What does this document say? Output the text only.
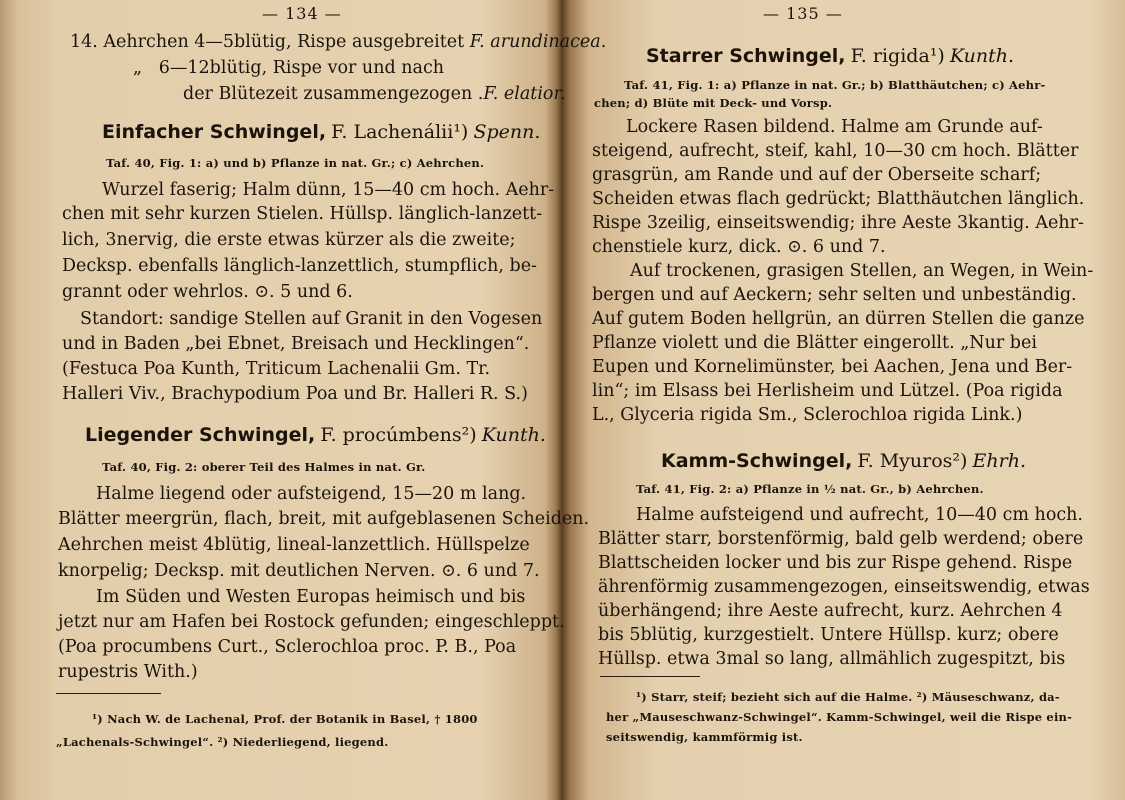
— 134 —
14. Aehrchen 4—5blütig, Rispe ausgebreitet F. arundinacea.
„ 6—12blütig, Rispe vor und nach
der Blütezeit zusammengezogen . F. elatior.
Einfacher Schwingel, F. Lachenálii¹) Spenn.
Taf. 40, Fig. 1: a) und b) Pflanze in nat. Gr.; c) Aehrchen.
Wurzel faserig; Halm dünn, 15—40 cm hoch. Aehr-
chen mit sehr kurzen Stielen. Hüllsp. länglich-lanzett-
lich, 3nervig, die erste etwas kürzer als die zweite;
Decksp. ebenfalls länglich-lanzettlich, stumpflich, be-
grannt oder wehrlos. ⊙. 5 und 6.
Standort: sandige Stellen auf Granit in den Vogesen
und in Baden „bei Ebnet, Breisach und Hecklingen“.
(Festuca Poa Kunth, Triticum Lachenalii Gm. Tr.
Halleri Viv., Brachypodium Poa und Br. Halleri R. S.)
Liegender Schwingel, F. procúmbens²) Kunth.
Taf. 40, Fig. 2: oberer Teil des Halmes in nat. Gr.
Halme liegend oder aufsteigend, 15—20 m lang.
Blätter meergrün, flach, breit, mit aufgeblasenen Scheiden.
Aehrchen meist 4blütig, lineal-lanzettlich. Hüllspelze
knorpelig; Decksp. mit deutlichen Nerven. ⊙. 6 und 7.
Im Süden und Westen Europas heimisch und bis
jetzt nur am Hafen bei Rostock gefunden; eingeschleppt.
(Poa procumbens Curt., Sclerochloa proc. P. B., Poa
rupestris With.)
¹) Nach W. de Lachenal, Prof. der Botanik in Basel, † 1800
„Lachenals-Schwingel“. ²) Niederliegend, liegend.
— 135 —
Starrer Schwingel, F. rigida¹) Kunth.
Taf. 41, Fig. 1: a) Pflanze in nat. Gr.; b) Blatthäutchen; c) Aehr-
chen; d) Blüte mit Deck- und Vorsp.
Lockere Rasen bildend. Halme am Grunde auf-
steigend, aufrecht, steif, kahl, 10—30 cm hoch. Blätter
grasgrün, am Rande und auf der Oberseite scharf;
Scheiden etwas flach gedrückt; Blatthäutchen länglich.
Rispe 3zeilig, einseitswendig; ihre Aeste 3kantig. Aehr-
chenstiele kurz, dick. ⊙. 6 und 7.
Auf trockenen, grasigen Stellen, an Wegen, in Wein-
bergen und auf Aeckern; sehr selten und unbeständig.
Auf gutem Boden hellgrün, an dürren Stellen die ganze
Pflanze violett und die Blätter eingerollt. „Nur bei
Eupen und Kornelimünster, bei Aachen, Jena und Ber-
lin“; im Elsass bei Herlisheim und Lützel. (Poa rigida
L., Glyceria rigida Sm., Sclerochloa rigida Link.)
Kamm-Schwingel, F. Myuros²) Ehrh.
Taf. 41, Fig. 2: a) Pflanze in ½ nat. Gr., b) Aehrchen.
Halme aufsteigend und aufrecht, 10—40 cm hoch.
Blätter starr, borstenförmig, bald gelb werdend; obere
Blattscheiden locker und bis zur Rispe gehend. Rispe
ährenförmig zusammengezogen, einseitswendig, etwas
überhängend; ihre Aeste aufrecht, kurz. Aehrchen 4
bis 5blütig, kurzgestielt. Untere Hüllsp. kurz; obere
Hüllsp. etwa 3mal so lang, allmählich zugespitzt, bis
¹) Starr, steif; bezieht sich auf die Halme. ²) Mäuseschwanz, da-
her „Mauseschwanz-Schwingel“. Kamm-Schwingel, weil die Rispe ein-
seitswendig, kammförmig ist.
